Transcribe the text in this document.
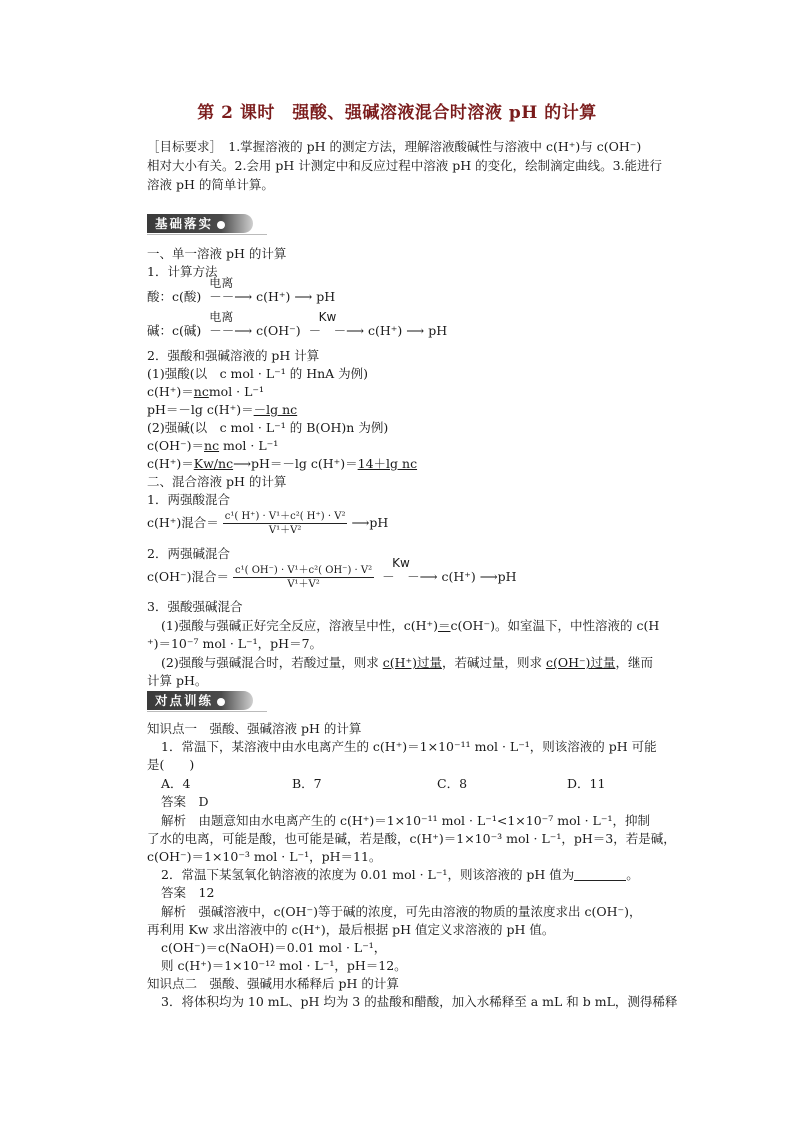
第 2 课时　强酸、强碱溶液混合时溶液 pH 的计算
［目标要求］　1.掌握溶液的 pH 的测定方法，理解溶液酸碱性与溶液中 c(H⁺)与 c(OH⁻)
相对大小有关。2.会用 pH 计测定中和反应过程中溶液 pH 的变化，绘制滴定曲线。3.能进行
溶液 pH 的简单计算。
基础落实
一、单一溶液 pH 的计算
1．计算方法
酸：c(酸)
电离
－－⟶ c(H⁺) ⟶ pH
碱：c(碱)
电离
－－⟶ c(OH⁻)
Kw
－　－⟶ c(H⁺) ⟶ pH
2．强酸和强碱溶液的 pH 计算
(1)强酸(以　c mol · L⁻¹ 的 HnA 为例)
c(H⁺)＝ncmol · L⁻¹
pH＝－lg c(H⁺)＝－lg nc
(2)强碱(以　c mol · L⁻¹ 的 B(OH)n 为例)
c(OH⁻)＝nc mol · L⁻¹
c(H⁺)＝Kw/nc⟶pH＝－lg c(H⁺)＝14＋lg nc
二、混合溶液 pH 的计算
1．两强酸混合
c(H⁺)混合＝ $\frac{\text{c¹( H⁺) · V¹＋c²( H⁺) · V²}}{\text{V¹＋V²}}$ ⟶pH
2．两强碱混合
c(OH⁻)混合＝ $\frac{\text{c¹( OH⁻) · V¹＋c²( OH⁻) · V²}}{\text{V¹＋V²}}$

Kw
－　－⟶ c(H⁺) ⟶pH
3．强酸强碱混合
(1)强酸与强碱正好完全反应，溶液呈中性，c(H⁺)＝c(OH⁻)。如室温下，中性溶液的 c(H
⁺)＝10⁻⁷ mol · L⁻¹，pH＝7。
(2)强酸与强碱混合时，若酸过量，则求 c(H⁺)过量，若碱过量，则求 c(OH⁻)过量，继而
计算 pH。
对点训练
知识点一　强酸、强碱溶液 pH 的计算
1．常温下，某溶液中由水电离产生的 c(H⁺)＝1×10⁻¹¹ mol · L⁻¹，则该溶液的 pH 可能
是(　　)
A．4	B．7	C．8	D．11
答案　D
解析　由题意知由水电离产生的 c(H⁺)＝1×10⁻¹¹ mol · L⁻¹<1×10⁻⁷ mol · L⁻¹，抑制
了水的电离，可能是酸，也可能是碱，若是酸，c(H⁺)＝1×10⁻³ mol · L⁻¹，pH＝3，若是碱，
c(OH⁻)＝1×10⁻³ mol · L⁻¹，pH＝11。
2．常温下某氢氧化钠溶液的浓度为 0.01 mol · L⁻¹，则该溶液的 pH 值为	。
答案　12
解析　强碱溶液中，c(OH⁻)等于碱的浓度，可先由溶液的物质的量浓度求出 c(OH⁻)，
再利用 Kw 求出溶液中的 c(H⁺)，最后根据 pH 值定义求溶液的 pH 值。
c(OH⁻)＝c(NaOH)＝0.01 mol · L⁻¹，
则 c(H⁺)＝1×10⁻¹² mol · L⁻¹，pH＝12。
知识点二　强酸、强碱用水稀释后 pH 的计算
3．将体积均为 10 mL、pH 均为 3 的盐酸和醋酸，加入水稀释至 a mL 和 b mL，测得稀释
